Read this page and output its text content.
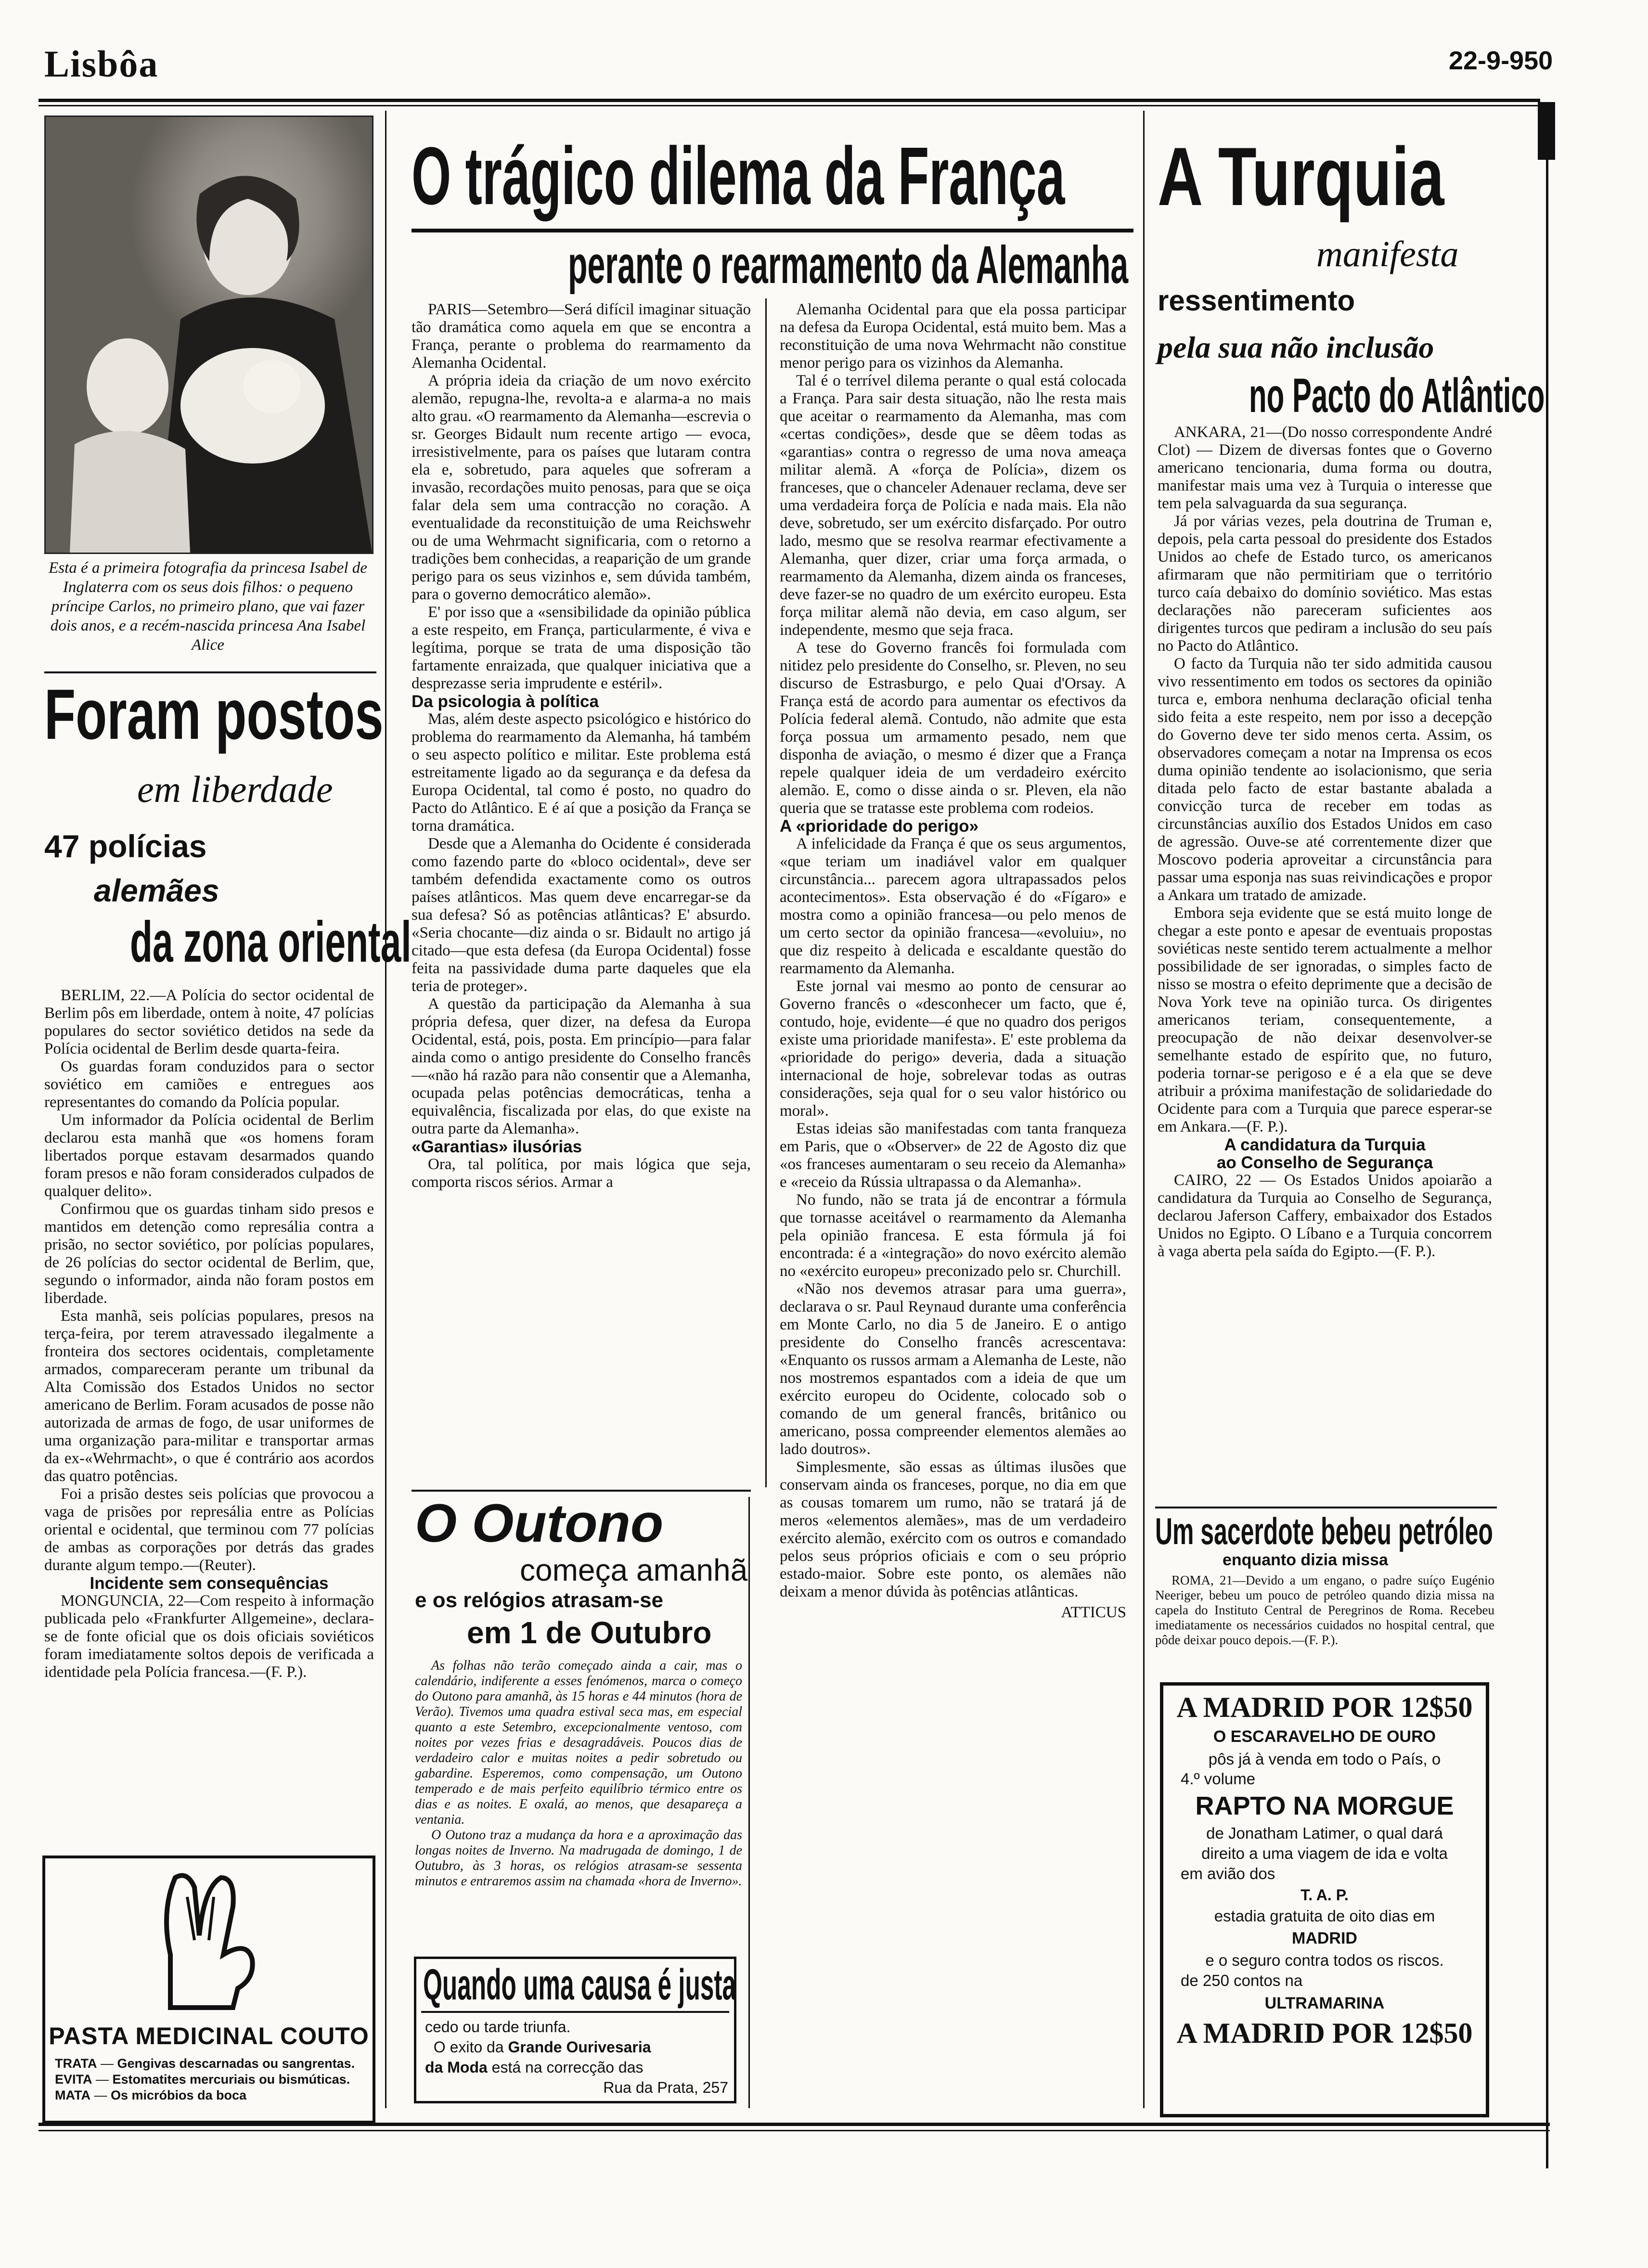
Lisbôa	22-9-950
Esta é a primeira fotografia da princesa Isabel de Inglaterra com os seus dois filhos: o pequeno príncipe Carlos, no primeiro plano, que vai fazer dois anos, e a recém-nascida princesa Ana Isabel Alice
Foram postos
em liberdade
47 polícias
alemães
da zona oriental

BERLIM, 22.—A Polícia do sector ocidental de Berlim pôs em liberdade, ontem à noite, 47 polícias populares do sector soviético detidos na sede da Polícia ocidental de Berlim desde quarta-feira.

Os guardas foram conduzidos para o sector soviético em camiões e entregues aos representantes do comando da Polícia popular.

Um informador da Polícia ocidental de Berlim declarou esta manhã que «os homens foram libertados porque estavam desarmados quando foram presos e não foram considerados culpados de qualquer delito».

Confirmou que os guardas tinham sido presos e mantidos em detenção como represália contra a prisão, no sector soviético, por polícias populares, de 26 polícias do sector ocidental de Berlim, que, segundo o informador, ainda não foram postos em liberdade.

Esta manhã, seis polícias populares, presos na terça-feira, por terem atravessado ilegalmente a fronteira dos sectores ocidentais, completamente armados, compareceram perante um tribunal da Alta Comissão dos Estados Unidos no sector americano de Berlim. Foram acusados de posse não autorizada de armas de fogo, de usar uniformes de uma organização para-militar e transportar armas da ex-«Wehrmacht», o que é contrário aos acordos das quatro potências.

Foi a prisão destes seis polícias que provocou a vaga de prisões por represália entre as Polícias oriental e ocidental, que terminou com 77 polícias de ambas as corporações por detrás das grades durante algum tempo.—(Reuter).

Incidente sem consequências

MONGUNCIA, 22—Com respeito à informação publicada pelo «Frankfurter Allgemeine», declara-se de fonte oficial que os dois oficiais soviéticos foram imediatamente soltos depois de verificada a identidade pela Polícia francesa.—(F. P.).

PASTA MEDICINAL COUTO
TRATA — Gengivas descarnadas ou sangrentas.
EVITA — Estomatites mercuriais ou bismúticas.
MATA — Os micróbios da boca
O trágico dilema da França
perante o rearmamento da Alemanha

PARIS—Setembro—Será difícil imaginar situação tão dramática como aquela em que se encontra a França, perante o problema do rearmamento da Alemanha Ocidental.

A própria ideia da criação de um novo exército alemão, repugna-lhe, revolta-a e alarma-a no mais alto grau. «O rearmamento da Alemanha—escrevia o sr. Georges Bidault num recente artigo — evoca, irresistivelmente, para os países que lutaram contra ela e, sobretudo, para aqueles que sofreram a invasão, recordações muito penosas, para que se oiça falar dela sem uma contracção no coração. A eventualidade da reconstituição de uma Reichswehr ou de uma Wehrmacht significaria, com o retorno a tradições bem conhecidas, a reaparição de um grande perigo para os seus vizinhos e, sem dúvida também, para o governo democrático alemão».

E' por isso que a «sensibilidade da opinião pública a este respeito, em França, particularmente, é viva e legítima, porque se trata de uma disposição tão fartamente enraizada, que qualquer iniciativa que a desprezasse seria imprudente e estéril».

Da psicologia à política

Mas, além deste aspecto psicológico e histórico do problema do rearmamento da Alemanha, há também o seu aspecto político e militar. Este problema está estreitamente ligado ao da segurança e da defesa da Europa Ocidental, tal como é posto, no quadro do Pacto do Atlântico. E é aí que a posição da França se torna dramática.

Desde que a Alemanha do Ocidente é considerada como fazendo parte do «bloco ocidental», deve ser também defendida exactamente como os outros países atlânticos. Mas quem deve encarregar-se da sua defesa? Só as potências atlânticas? E' absurdo. «Seria chocante—diz ainda o sr. Bidault no artigo já citado—que esta defesa (da Europa Ocidental) fosse feita na passividade duma parte daqueles que ela teria de proteger».

A questão da participação da Alemanha à sua própria defesa, quer dizer, na defesa da Europa Ocidental, está, pois, posta. Em princípio—para falar ainda como o antigo presidente do Conselho francês—«não há razão para não consentir que a Alemanha, ocupada pelas potências democráticas, tenha a equivalência, fiscalizada por elas, do que existe na outra parte da Alemanha».

«Garantias» ilusórias

Ora, tal política, por mais lógica que seja, comporta riscos sérios. Armar a

Alemanha Ocidental para que ela possa participar na defesa da Europa Ocidental, está muito bem. Mas a reconstituição de uma nova Wehrmacht não constitue menor perigo para os vizinhos da Alemanha.

Tal é o terrível dilema perante o qual está colocada a França. Para sair desta situação, não lhe resta mais que aceitar o rearmamento da Alemanha, mas com «certas condições», desde que se dêem todas as «garantias» contra o regresso de uma nova ameaça militar alemã. A «força de Polícia», dizem os franceses, que o chanceler Adenauer reclama, deve ser uma verdadeira força de Polícia e nada mais. Ela não deve, sobretudo, ser um exército disfarçado. Por outro lado, mesmo que se resolva rearmar efectivamente a Alemanha, quer dizer, criar uma força armada, o rearmamento da Alemanha, dizem ainda os franceses, deve fazer-se no quadro de um exército europeu. Esta força militar alemã não devia, em caso algum, ser independente, mesmo que seja fraca.

A tese do Governo francês foi formulada com nitidez pelo presidente do Conselho, sr. Pleven, no seu discurso de Estrasburgo, e pelo Quai d'Orsay. A França está de acordo para aumentar os efectivos da Polícia federal alemã. Contudo, não admite que esta força possua um armamento pesado, nem que disponha de aviação, o mesmo é dizer que a França repele qualquer ideia de um verdadeiro exército alemão. E, como o disse ainda o sr. Pleven, ela não queria que se tratasse este problema com rodeios.

A «prioridade do perigo»

A infelicidade da França é que os seus argumentos, «que teriam um inadiável valor em qualquer circunstância... parecem agora ultrapassados pelos acontecimentos». Esta observação é do «Fígaro» e mostra como a opinião francesa—ou pelo menos de um certo sector da opinião francesa—«evoluiu», no que diz respeito à delicada e escaldante questão do rearmamento da Alemanha.

Este jornal vai mesmo ao ponto de censurar ao Governo francês o «desconhecer um facto, que é, contudo, hoje, evidente—é que no quadro dos perigos existe uma prioridade manifesta». E' este problema da «prioridade do perigo» deveria, dada a situação internacional de hoje, sobrelevar todas as outras considerações, seja qual for o seu valor histórico ou moral».

Estas ideias são manifestadas com tanta franqueza em Paris, que o «Observer» de 22 de Agosto diz que «os franceses aumentaram o seu receio da Alemanha» e «receio da Rússia ultrapassa o da Alemanha».

No fundo, não se trata já de encontrar a fórmula que tornasse aceitável o rearmamento da Alemanha pela opinião francesa. E esta fórmula já foi encontrada: é a «integração» do novo exército alemão no «exército europeu» preconizado pelo sr. Churchill.

«Não nos devemos atrasar para uma guerra», declarava o sr. Paul Reynaud durante uma conferência em Monte Carlo, no dia 5 de Janeiro. E o antigo presidente do Conselho francês acrescentava: «Enquanto os russos armam a Alemanha de Leste, não nos mostremos espantados com a ideia de que um exército europeu do Ocidente, colocado sob o comando de um general francês, britânico ou americano, possa compreender elementos alemães ao lado doutros».

Simplesmente, são essas as últimas ilusões que conservam ainda os franceses, porque, no dia em que as cousas tomarem um rumo, não se tratará já de meros «elementos alemães», mas de um verdadeiro exército alemão, exército com os outros e comandado pelos seus próprios oficiais e com o seu próprio estado-maior. Sobre este ponto, os alemães não deixam a menor dúvida às potências atlânticas.

ATTICUS

O Outono
começa amanhã
e os relógios atrasam-se
em 1 de Outubro

As folhas não terão começado ainda a cair, mas o calendário, indiferente a esses fenómenos, marca o começo do Outono para amanhã, às 15 horas e 44 minutos (hora de Verão). Tivemos uma quadra estival seca mas, em especial quanto a este Setembro, excepcionalmente ventoso, com noites por vezes frias e desagradáveis. Poucos dias de verdadeiro calor e muitas noites a pedir sobretudo ou gabardine. Esperemos, como compensação, um Outono temperado e de mais perfeito equilíbrio térmico entre os dias e as noites. E oxalá, ao menos, que desapareça a ventania.

O Outono traz a mudança da hora e a aproximação das longas noites de Inverno. Na madrugada de domingo, 1 de Outubro, às 3 horas, os relógios atrasam-se sessenta minutos e entraremos assim na chamada «hora de Inverno».

Quando uma causa é justa
cedo ou tarde triunfa.
O exito da Grande Ourivesaria
da Moda está na correcção das
Rua da Prata, 257
A Turquia
manifesta
ressentimento
pela sua não inclusão
no Pacto do Atlântico

ANKARA, 21—(Do nosso correspondente André Clot) — Dizem de diversas fontes que o Governo americano tencionaria, duma forma ou doutra, manifestar mais uma vez à Turquia o interesse que tem pela salvaguarda da sua segurança.

Já por várias vezes, pela doutrina de Truman e, depois, pela carta pessoal do presidente dos Estados Unidos ao chefe de Estado turco, os americanos afirmaram que não permitiriam que o território turco caía debaixo do domínio soviético. Mas estas declarações não pareceram suficientes aos dirigentes turcos que pediram a inclusão do seu país no Pacto do Atlântico.

O facto da Turquia não ter sido admitida causou vivo ressentimento em todos os sectores da opinião turca e, embora nenhuma declaração oficial tenha sido feita a este respeito, nem por isso a decepção do Governo deve ter sido menos certa. Assim, os observadores começam a notar na Imprensa os ecos duma opinião tendente ao isolacionismo, que seria ditada pelo facto de estar bastante abalada a convicção turca de receber em todas as circunstâncias auxílio dos Estados Unidos em caso de agressão. Ouve-se até correntemente dizer que Moscovo poderia aproveitar a circunstância para passar uma esponja nas suas reivindicações e propor a Ankara um tratado de amizade.

Embora seja evidente que se está muito longe de chegar a este ponto e apesar de eventuais propostas soviéticas neste sentido terem actualmente a melhor possibilidade de ser ignoradas, o simples facto de nisso se mostra o efeito deprimente que a decisão de Nova York teve na opinião turca. Os dirigentes americanos teriam, consequentemente, a preocupação de não deixar desenvolver-se semelhante estado de espírito que, no futuro, poderia tornar-se perigoso e é a ela que se deve atribuir a próxima manifestação de solidariedade do Ocidente para com a Turquia que parece esperar-se em Ankara.—(F. P.).

A candidatura da Turquia

ao Conselho de Segurança

CAIRO, 22 — Os Estados Unidos apoiarão a candidatura da Turquia ao Conselho de Segurança, declarou Jaferson Caffery, embaixador dos Estados Unidos no Egipto. O Líbano e a Turquia concorrem à vaga aberta pela saída do Egipto.—(F. P.).

Um sacerdote bebeu petróleo
enquanto dizia missa

ROMA, 21—Devido a um engano, o padre suíço Eugénio Neeriger, bebeu um pouco de petróleo quando dizia missa na capela do Instituto Central de Peregrinos de Roma. Recebeu imediatamente os necessários cuidados no hospital central, que pôde deixar pouco depois.—(F. P.).

A MADRID POR 12$50
O ESCARAVELHO DE OURO
pôs já à venda em todo o País, o
4.º volume
RAPTO NA MORGUE
de Jonatham Latimer, o qual dará
direito a uma viagem de ida e volta
em avião dos
T. A. P.
estadia gratuita de oito dias em
MADRID
e o seguro contra todos os riscos.
de 250 contos na
ULTRAMARINA
A MADRID POR 12$50
